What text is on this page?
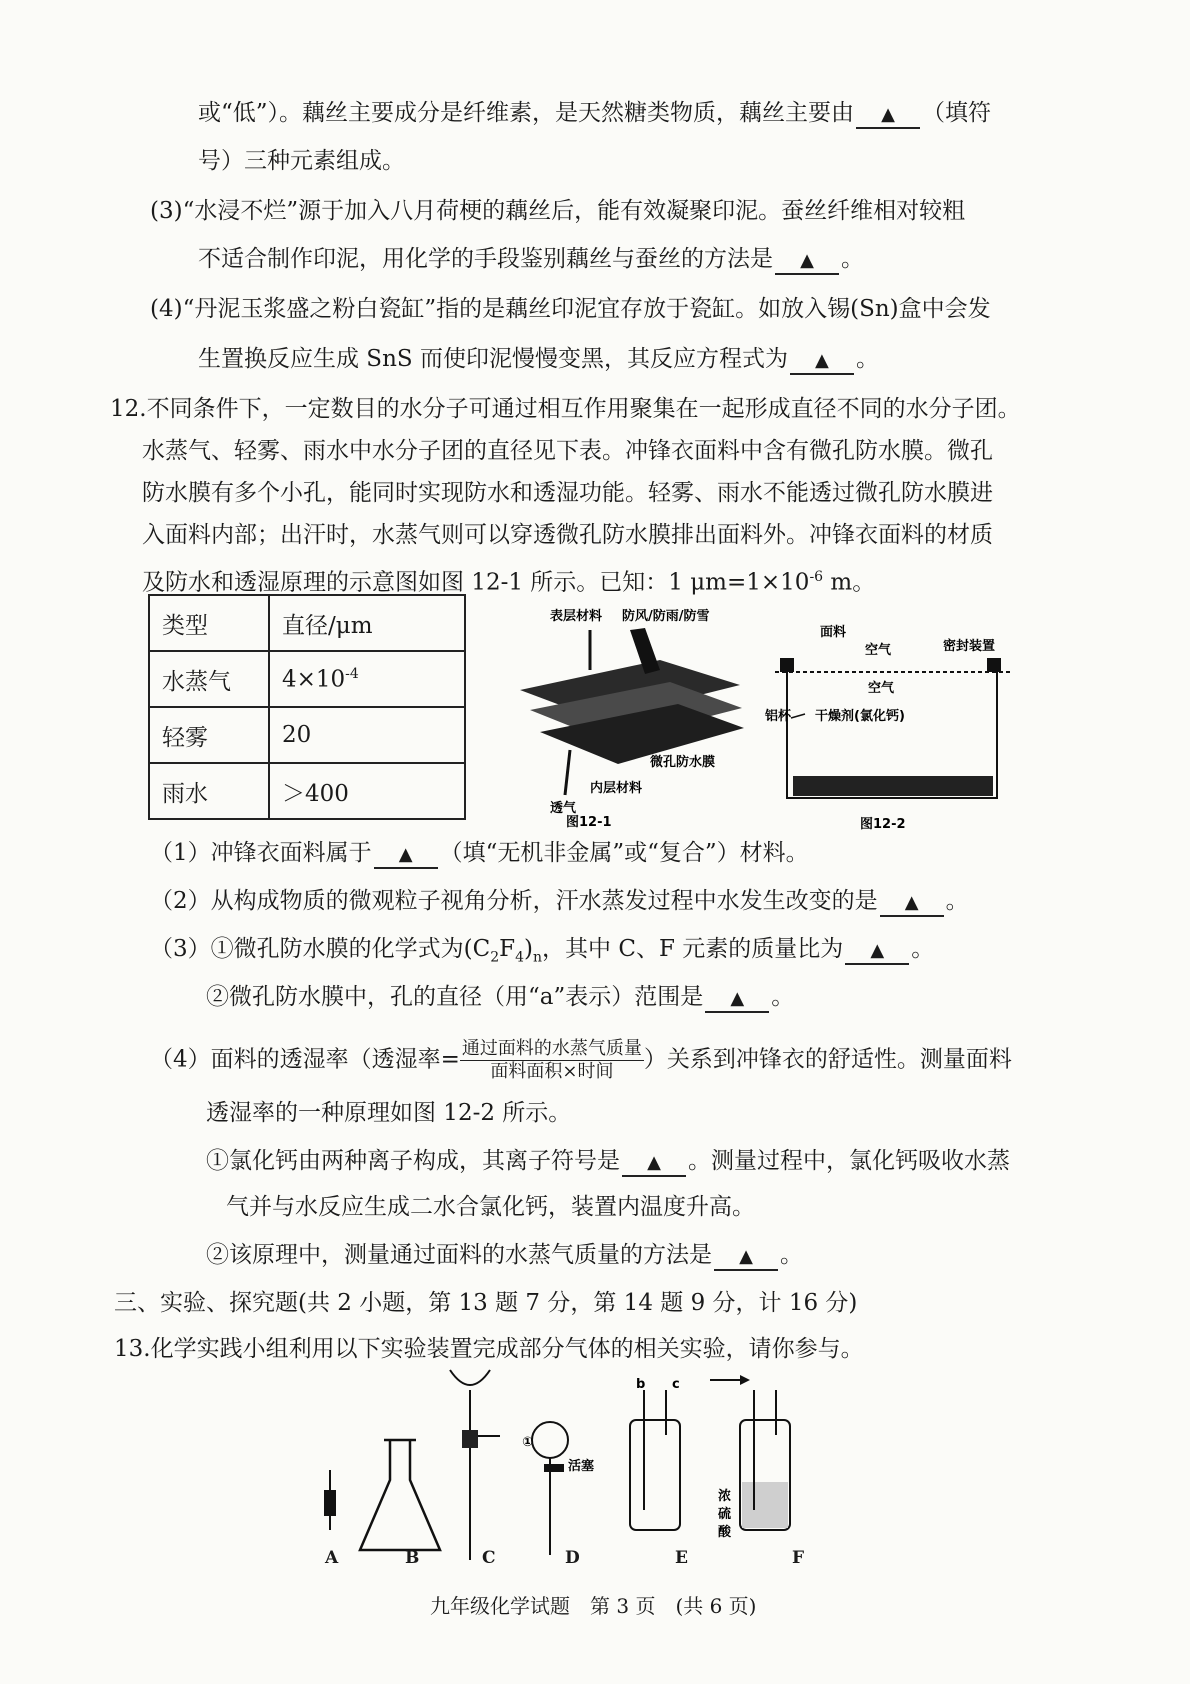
或“低”）。藕丝主要成分是纤维素，是天然糖类物质，藕丝主要由 ▲ （填符
号）三种元素组成。
(3)“水浸不烂”源于加入八月荷梗的藕丝后，能有效凝聚印泥。蚕丝纤维相对较粗
不适合制作印泥，用化学的手段鉴别藕丝与蚕丝的方法是 ▲ 。
(4)“丹泥玉浆盛之粉白瓷缸”指的是藕丝印泥宜存放于瓷缸。如放入锡(Sn)盒中会发
生置换反应生成 SnS 而使印泥慢慢变黑，其反应方程式为 ▲ 。
12.不同条件下，一定数目的水分子可通过相互作用聚集在一起形成直径不同的水分子团。
水蒸气、轻雾、雨水中水分子团的直径见下表。冲锋衣面料中含有微孔防水膜。微孔
防水膜有多个小孔，能同时实现防水和透湿功能。轻雾、雨水不能透过微孔防水膜进
入面料内部；出汗时，水蒸气则可以穿透微孔防水膜排出面料外。冲锋衣面料的材质
及防水和透湿原理的示意图如图 12-1 所示。已知：1 $\mu m=1\times 10^{-6}$ m。
类型	直径/μm
水蒸气	$4\times 10^{-4}$
轻雾	20
雨水	＞400
表层材料 防风/防雨/防雪
微孔防水膜
内层材料
透气
图12-1
面料
空气	密封装置
空气
铝杯 干燥剂(氯化钙)
图12-2
（1）冲锋衣面料属于 ▲ （填“无机非金属”或“复合”）材料。
（2）从构成物质的微观粒子视角分析，汗水蒸发过程中水发生改变的是 ▲ 。
（3）①微孔防水膜的化学式为$(C_2F_4)_n$，其中 C、F 元素的质量比为 ▲ 。
②微孔防水膜中，孔的直径（用“a”表示）范围是 ▲ 。
（4）面料的透湿率（透湿率= $\frac{\text{通过面料的水蒸气质量}}{\text{面料面积×时间}}$ ）关系到冲锋衣的舒适性。测量面料
透湿率的一种原理如图 12-2 所示。
①氯化钙由两种离子构成，其离子符号是 ▲ 。测量过程中，氯化钙吸收水蒸
气并与水反应生成二水合氯化钙，装置内温度升高。
②该原理中，测量通过面料的水蒸气质量的方法是 ▲ 。
三、实验、探究题(共 2 小题，第 13 题 7 分，第 14 题 9 分，计 16 分)
13.化学实践小组利用以下实验装置完成部分气体的相关实验，请你参与。
活塞
①
b c
浓
硫
酸
A	B	C	D	E	F
九年级化学试题　第 3 页　(共 6 页)
